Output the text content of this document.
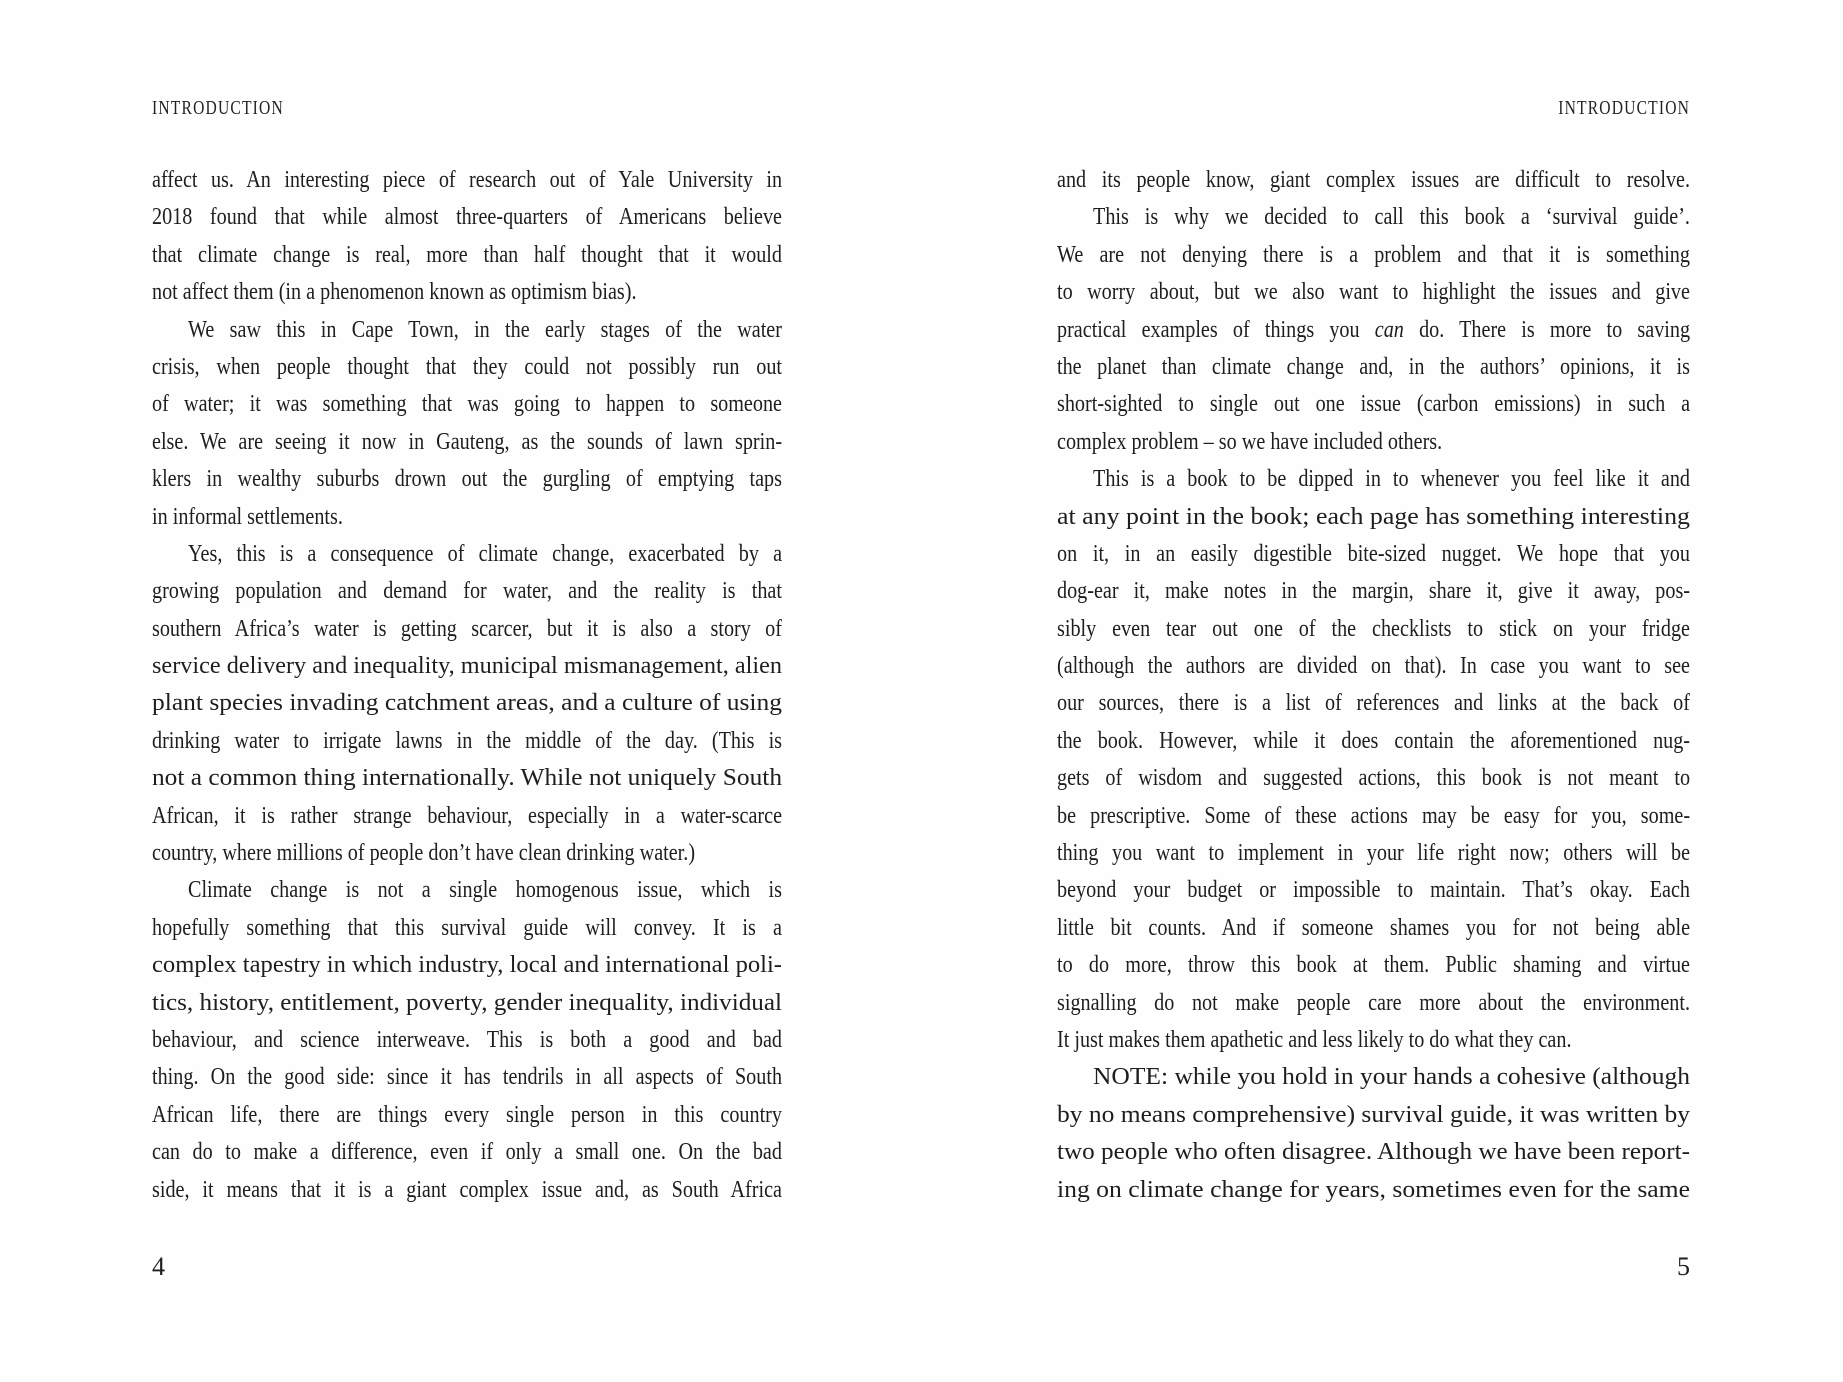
INTRODUCTION
affect us. An interesting piece of research out of Yale University in
2018 found that while almost three-quarters of Americans believe
that climate change is real, more than half thought that it would
not affect them (in a phenomenon known as optimism bias).
We saw this in Cape Town, in the early stages of the water
crisis, when people thought that they could not possibly run out
of water; it was something that was going to happen to someone
else. We are seeing it now in Gauteng, as the sounds of lawn sprin-
klers in wealthy suburbs drown out the gurgling of emptying taps
in informal settlements.
Yes, this is a consequence of climate change, exacerbated by a
growing population and demand for water, and the reality is that
southern Africa’s water is getting scarcer, but it is also a story of
service delivery and inequality, municipal mismanagement, alien
plant species invading catchment areas, and a culture of using
drinking water to irrigate lawns in the middle of the day. (This is
not a common thing internationally. While not uniquely South
African, it is rather strange behaviour, especially in a water-scarce
country, where millions of people don’t have clean drinking water.)
Climate change is not a single homogenous issue, which is
hopefully something that this survival guide will convey. It is a
complex tapestry in which industry, local and international poli-
tics, history, entitlement, poverty, gender inequality, individual
behaviour, and science interweave. This is both a good and bad
thing. On the good side: since it has tendrils in all aspects of South
African life, there are things every single person in this country
can do to make a difference, even if only a small one. On the bad
side, it means that it is a giant complex issue and, as South Africa
4
INTRODUCTION
and its people know, giant complex issues are difficult to resolve.
This is why we decided to call this book a ‘survival guide’.
We are not denying there is a problem and that it is something
to worry about, but we also want to highlight the issues and give
practical examples of things you can do. There is more to saving
the planet than climate change and, in the authors’ opinions, it is
short-sighted to single out one issue (carbon emissions) in such a
complex problem – so we have included others.
This is a book to be dipped in to whenever you feel like it and
at any point in the book; each page has something interesting
on it, in an easily digestible bite-sized nugget. We hope that you
dog-ear it, make notes in the margin, share it, give it away, pos-
sibly even tear out one of the checklists to stick on your fridge
(although the authors are divided on that). In case you want to see
our sources, there is a list of references and links at the back of
the book. However, while it does contain the aforementioned nug-
gets of wisdom and suggested actions, this book is not meant to
be prescriptive. Some of these actions may be easy for you, some-
thing you want to implement in your life right now; others will be
beyond your budget or impossible to maintain. That’s okay. Each
little bit counts. And if someone shames you for not being able
to do more, throw this book at them. Public shaming and virtue
signalling do not make people care more about the environment.
It just makes them apathetic and less likely to do what they can.
NOTE: while you hold in your hands a cohesive (although
by no means comprehensive) survival guide, it was written by
two people who often disagree. Although we have been report-
ing on climate change for years, sometimes even for the same
5
